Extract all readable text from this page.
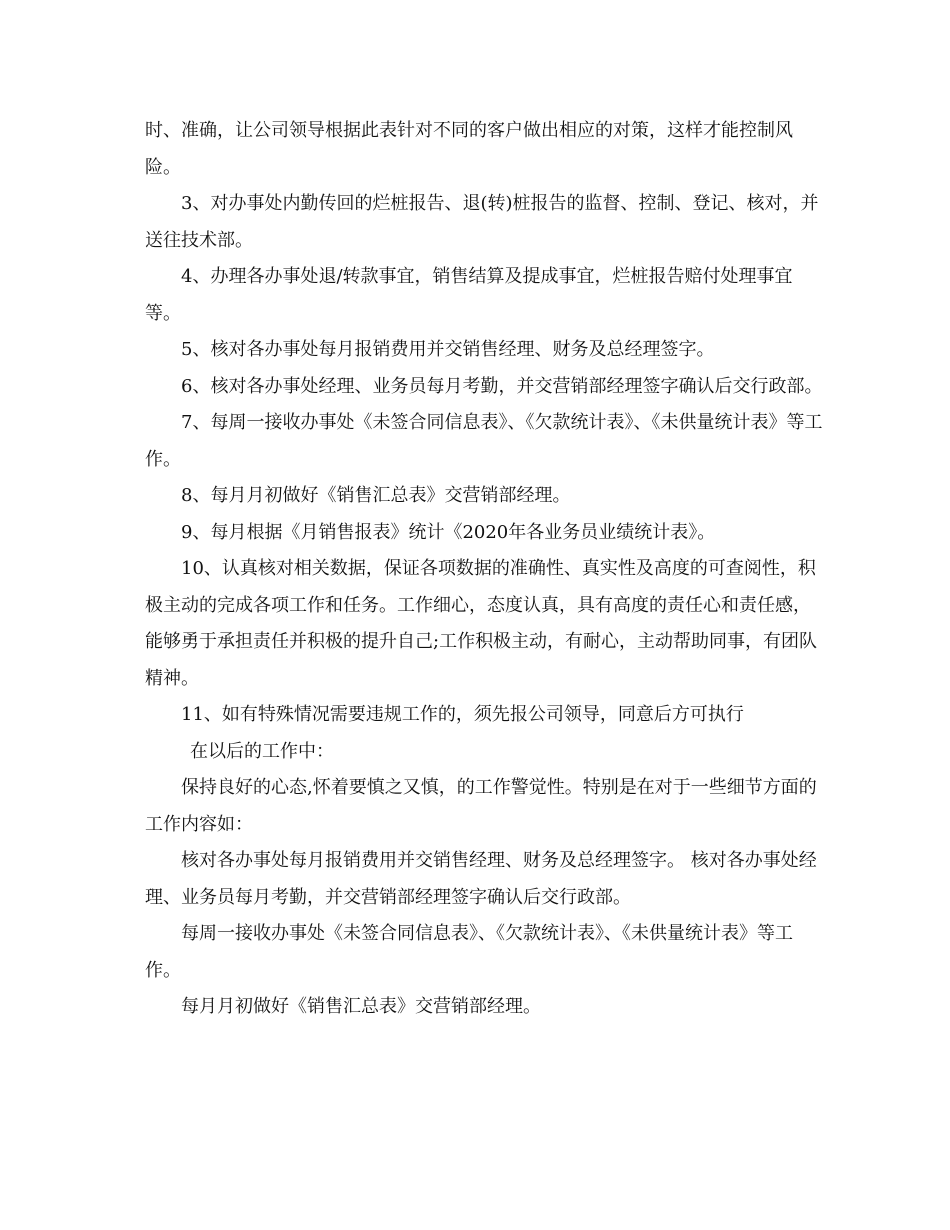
时、准确，让公司领导根据此表针对不同的客户做出相应的对策，这样才能控制风险。

3、对办事处内勤传回的烂桩报告、退(转)桩报告的监督、控制、登记、核对，并送往技术部。

4、办理各办事处退/转款事宜，销售结算及提成事宜，烂桩报告赔付处理事宜等。

5、核对各办事处每月报销费用并交销售经理、财务及总经理签字。

6、核对各办事处经理、业务员每月考勤，并交营销部经理签字确认后交行政部。

7、每周一接收办事处《未签合同信息表》、《欠款统计表》、《未供量统计表》等工作。

8、每月月初做好《销售汇总表》交营销部经理。

9、每月根据《月销售报表》统计《2020年各业务员业绩统计表》。

10、认真核对相关数据，保证各项数据的准确性、真实性及高度的可查阅性，积极主动的完成各项工作和任务。工作细心，态度认真，具有高度的责任心和责任感，能够勇于承担责任并积极的提升自己;工作积极主动，有耐心，主动帮助同事，有团队精神。

11、如有特殊情况需要违规工作的，须先报公司领导，同意后方可执行

在以后的工作中：

保持良好的心态,怀着要慎之又慎，的工作警觉性。特别是在对于一些细节方面的工作内容如：

核对各办事处每月报销费用并交销售经理、财务及总经理签字。 核对各办事处经理、业务员每月考勤，并交营销部经理签字确认后交行政部。

每周一接收办事处《未签合同信息表》、《欠款统计表》、《未供量统计表》等工作。

每月月初做好《销售汇总表》交营销部经理。
